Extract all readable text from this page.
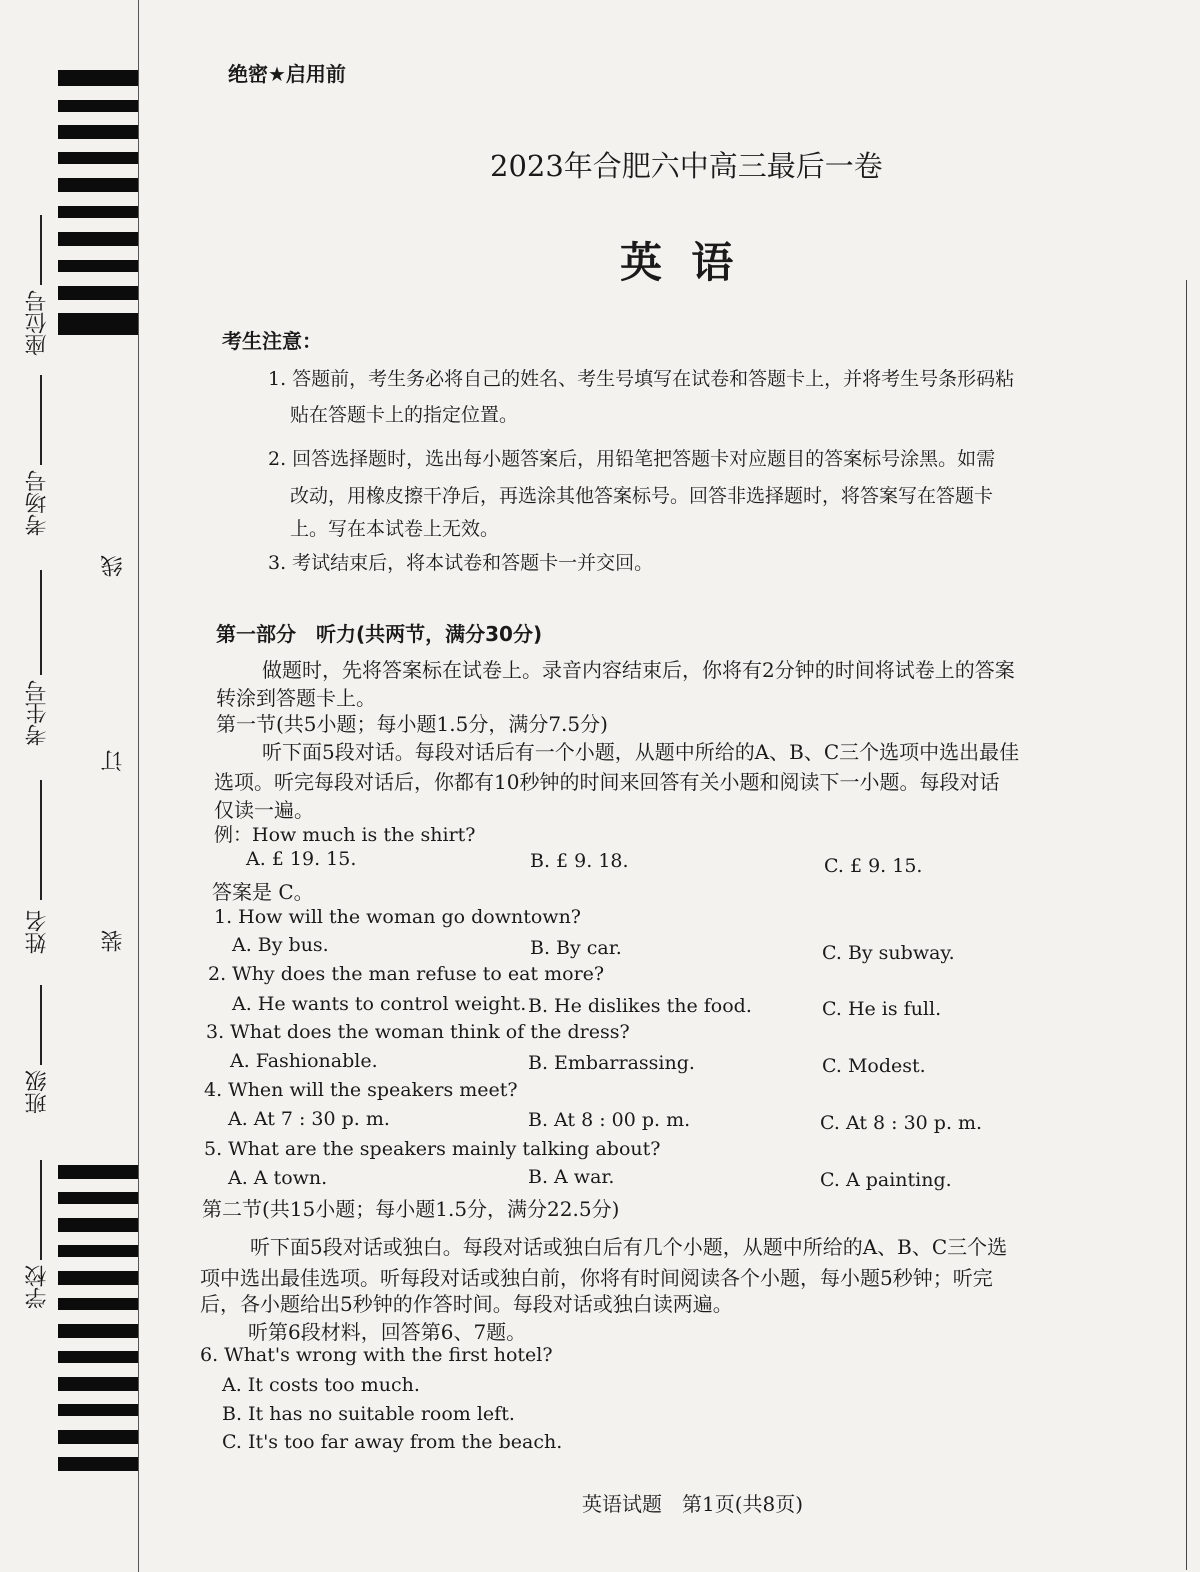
座位号
考场号
考生号
姓名
班级
学校
线
订
装
绝密★启用前
2023年合肥六中高三最后一卷
英  语
考生注意：
1. 答题前，考生务必将自己的姓名、考生号填写在试卷和答题卡上，并将考生号条形码粘
贴在答题卡上的指定位置。
2. 回答选择题时，选出每小题答案后，用铅笔把答题卡对应题目的答案标号涂黑。如需
改动，用橡皮擦干净后，再选涂其他答案标号。回答非选择题时，将答案写在答题卡
上。写在本试卷上无效。
3. 考试结束后，将本试卷和答题卡一并交回。
第一部分　听力(共两节，满分30分)
做题时，先将答案标在试卷上。录音内容结束后，你将有2分钟的时间将试卷上的答案
转涂到答题卡上。
第一节(共5小题；每小题1.5分，满分7.5分)
听下面5段对话。每段对话后有一个小题，从题中所给的A、B、C三个选项中选出最佳
选项。听完每段对话后，你都有10秒钟的时间来回答有关小题和阅读下一小题。每段对话
仅读一遍。
例：How much is the shirt?
A. £ 19. 15.	B. £ 9. 18.	C. £ 9. 15.
答案是 C。
1. How will the woman go downtown?
A. By bus.	B. By car.	C. By subway.
2. Why does the man refuse to eat more?
A. He wants to control weight. B. He dislikes the food.	C. He is full.
3. What does the woman think of the dress?
A. Fashionable.	B. Embarrassing.	C. Modest.
4. When will the speakers meet?
A. At 7 : 30 p. m.	B. At 8 : 00 p. m.	C. At 8 : 30 p. m.
5. What are the speakers mainly talking about?
A. A town.	B. A war.	C. A painting.
第二节(共15小题；每小题1.5分，满分22.5分)
听下面5段对话或独白。每段对话或独白后有几个小题，从题中所给的A、B、C三个选
项中选出最佳选项。听每段对话或独白前，你将有时间阅读各个小题，每小题5秒钟；听完
后，各小题给出5秒钟的作答时间。每段对话或独白读两遍。
听第6段材料，回答第6、7题。
6. What's wrong with the first hotel?
A. It costs too much.
B. It has no suitable room left.
C. It's too far away from the beach.
英语试题　第1页(共8页)
